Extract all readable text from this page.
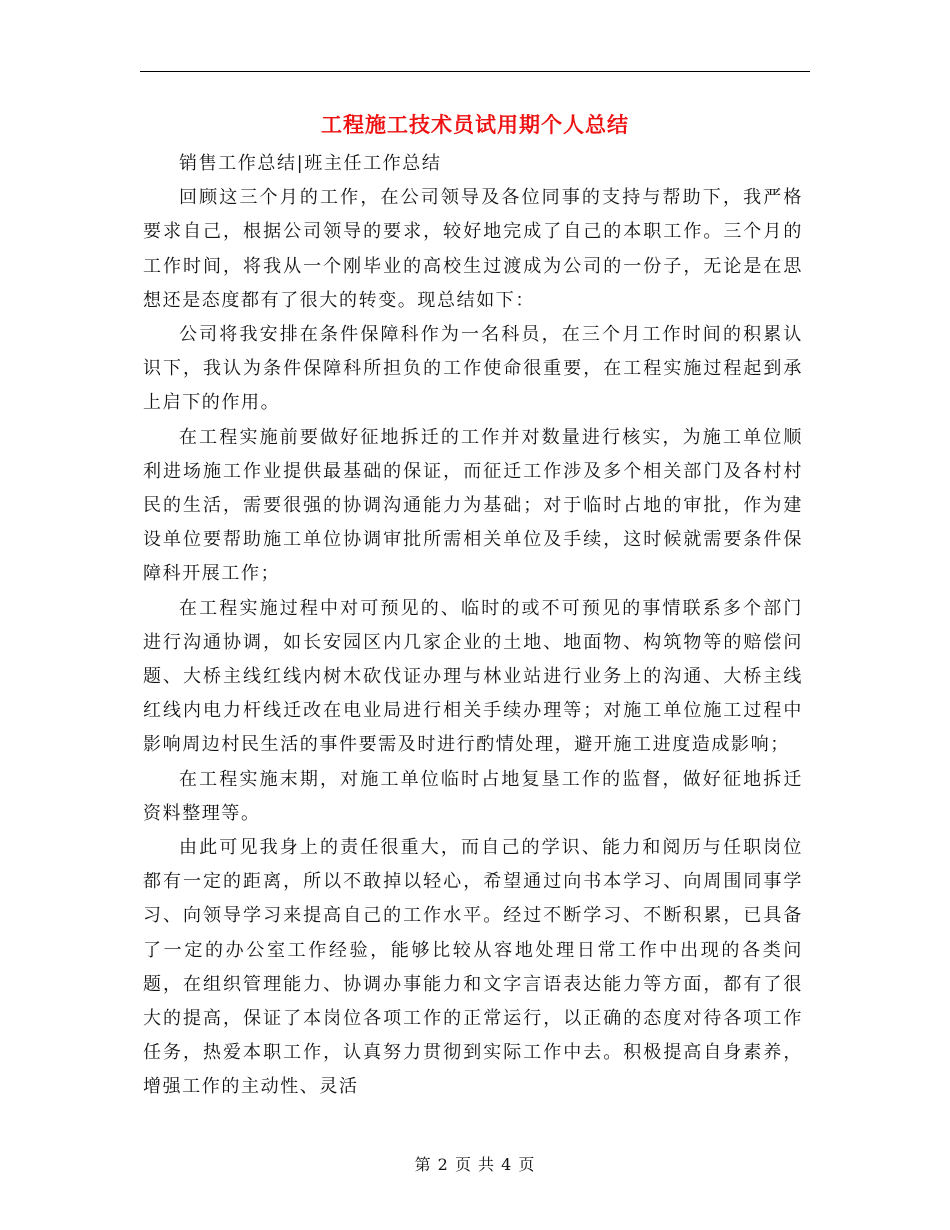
工程施工技术员试用期个人总结

销售工作总结|班主任工作总结

回顾这三个月的工作，在公司领导及各位同事的支持与帮助下，我严格要求自己，根据公司领导的要求，较好地完成了自己的本职工作。三个月的工作时间，将我从一个刚毕业的高校生过渡成为公司的一份子，无论是在思想还是态度都有了很大的转变。现总结如下：

公司将我安排在条件保障科作为一名科员，在三个月工作时间的积累认识下，我认为条件保障科所担负的工作使命很重要，在工程实施过程起到承上启下的作用。

在工程实施前要做好征地拆迁的工作并对数量进行核实，为施工单位顺利进场施工作业提供最基础的保证，而征迁工作涉及多个相关部门及各村村民的生活，需要很强的协调沟通能力为基础；对于临时占地的审批，作为建设单位要帮助施工单位协调审批所需相关单位及手续，这时候就需要条件保障科开展工作；

在工程实施过程中对可预见的、临时的或不可预见的事情联系多个部门进行沟通协调，如长安园区内几家企业的土地、地面物、构筑物等的赔偿问题、大桥主线红线内树木砍伐证办理与林业站进行业务上的沟通、大桥主线红线内电力杆线迁改在电业局进行相关手续办理等；对施工单位施工过程中影响周边村民生活的事件要需及时进行酌情处理，避开施工进度造成影响；

在工程实施末期，对施工单位临时占地复垦工作的监督，做好征地拆迁资料整理等。

由此可见我身上的责任很重大，而自己的学识、能力和阅历与任职岗位都有一定的距离，所以不敢掉以轻心，希望通过向书本学习、向周围同事学习、向领导学习来提高自己的工作水平。经过不断学习、不断积累，已具备了一定的办公室工作经验，能够比较从容地处理日常工作中出现的各类问题，在组织管理能力、协调办事能力和文字言语表达能力等方面，都有了很大的提高，保证了本岗位各项工作的正常运行，以正确的态度对待各项工作任务，热爱本职工作，认真努力贯彻到实际工作中去。积极提高自身素养，增强工作的主动性、灵活

第 2 页 共 4 页
